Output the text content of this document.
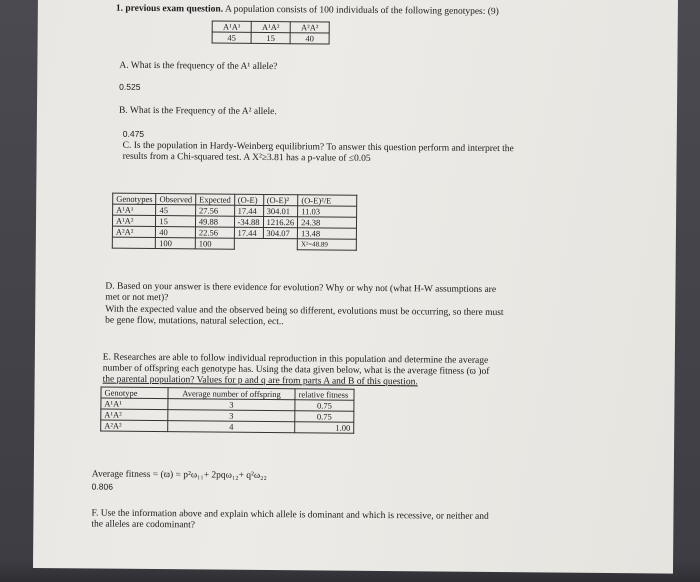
1. previous exam question. A population consists of 100 individuals of the following genotypes: (9)
A¹A¹	A¹A²	A²A²
45	15	40
A. What is the frequency of the A¹ allele?
0.525
B. What is the Frequency of the A² allele.
0.475
C. Is the population in Hardy-Weinberg equilibrium? To answer this question perform and interpret the
results from a Chi-squared test. A X²≥3.81 has a p-value of ≤0.05
Genotypes	Observed	Expected	(O-E)	(O-E)²	(O-E)²/E
A¹A¹	45	27.56	17.44	304.01	11.03
A¹A²	15	49.88	-34.88	1216.26	24.38
A²A²	40	22.56	17.44	304.07	13.48
	100	100			X²=48.89
D. Based on your answer is there evidence for evolution? Why or why not (what H-W assumptions are
met or not met)?
With the expected value and the observed being so different, evolutions must be occurring, so there must
be gene flow, mutations, natural selection, ect..
E. Researches are able to follow individual reproduction in this population and determine the average
number of offspring each genotype has. Using the data given below, what is the average fitness (ϖ )of
the parental population? Values for p and q are from parts A and B of this question.
Genotype	Average number of offspring	relative fitness
A¹A¹	3	0.75
A¹A²	3	0.75
A²A²	4	1.00
Average fitness = (ϖ) = p²ω₁₁+ 2pqω₁₂+ q²ω₂₂
0.806
F. Use the information above and explain which allele is dominant and which is recessive, or neither and
the alleles are codominant?
